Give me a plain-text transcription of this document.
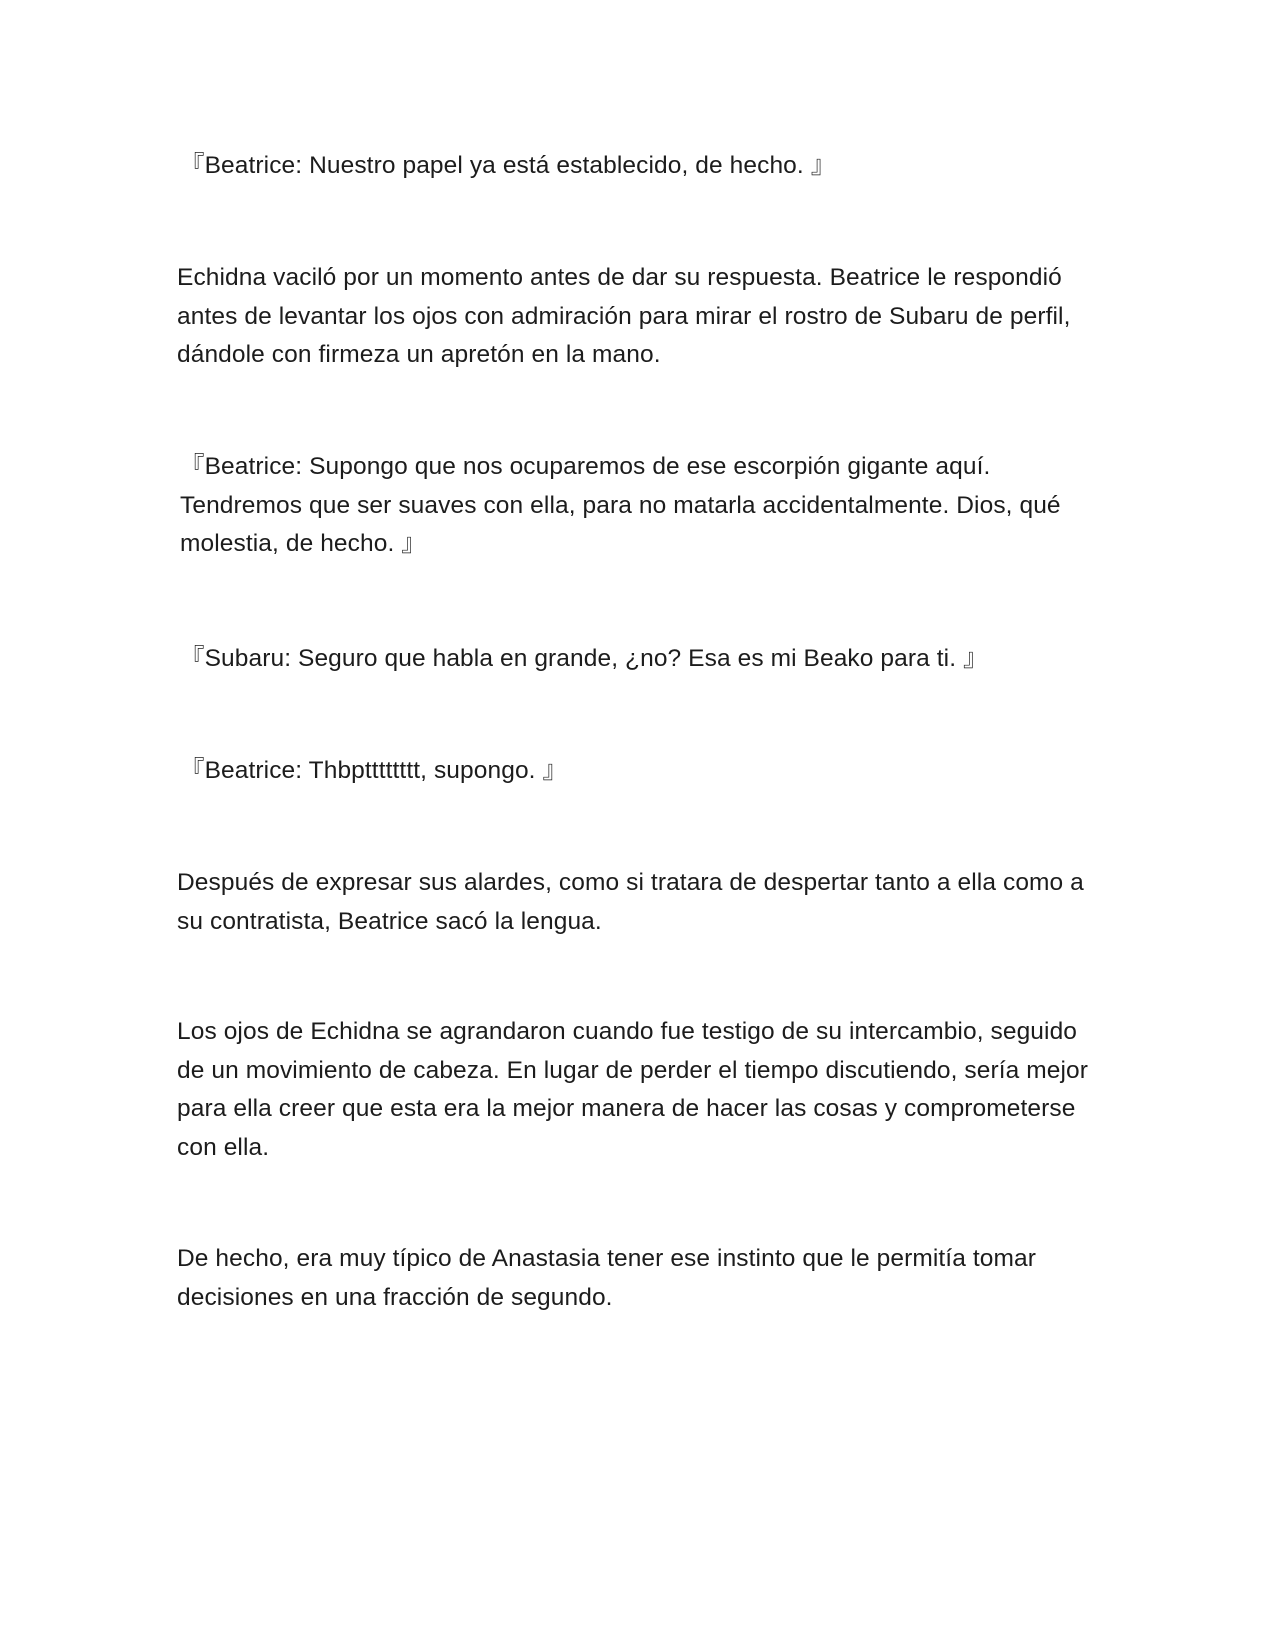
『Beatrice: Nuestro papel ya está establecido, de hecho. 』

Echidna vaciló por un momento antes de dar su respuesta. Beatrice le respondió antes de levantar los ojos con admiración para mirar el rostro de Subaru de perfil, dándole con firmeza un apretón en la mano.

『Beatrice: Supongo que nos ocuparemos de ese escorpión gigante aquí. Tendremos que ser suaves con ella, para no matarla accidentalmente. Dios, qué molestia, de hecho. 』

『Subaru: Seguro que habla en grande, ¿no? Esa es mi Beako para ti. 』

『Beatrice: Thbptttttttt, supongo. 』

Después de expresar sus alardes, como si tratara de despertar tanto a ella como a su contratista, Beatrice sacó la lengua.

Los ojos de Echidna se agrandaron cuando fue testigo de su intercambio, seguido de un movimiento de cabeza. En lugar de perder el tiempo discutiendo, sería mejor para ella creer que esta era la mejor manera de hacer las cosas y comprometerse con ella.

De hecho, era muy típico de Anastasia tener ese instinto que le permitía tomar decisiones en una fracción de segundo.
